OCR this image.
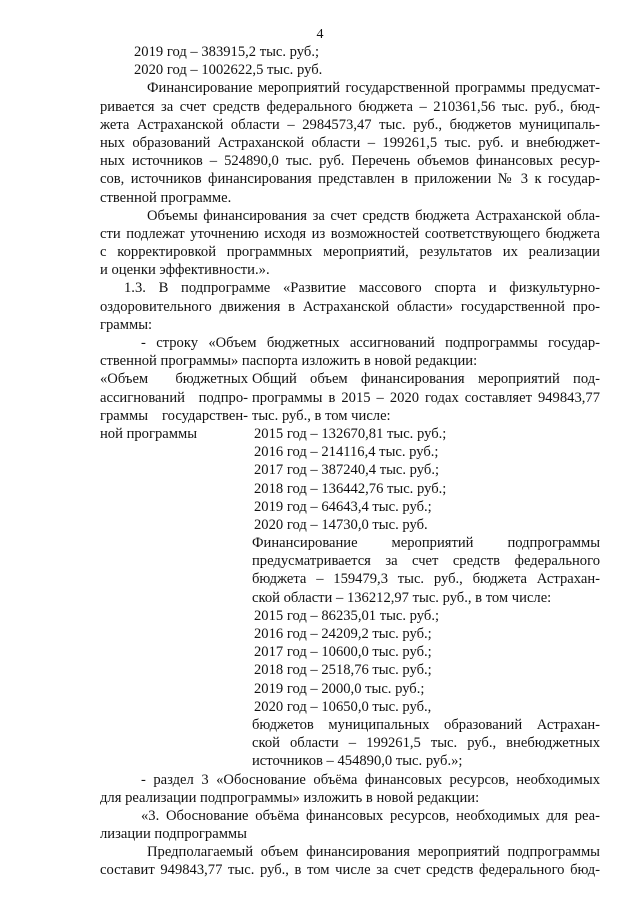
4
2019 год – 383915,2 тыс. руб.;
2020 год – 1002622,5 тыс. руб.
Финансирование мероприятий государственной программы предусмат-
ривается за счет средств федерального бюджета – 210361,56 тыс. руб., бюд-
жета Астраханской области – 2984573,47 тыс. руб., бюджетов муниципаль-
ных образований Астраханской области – 199261,5 тыс. руб. и внебюджет-
ных источников – 524890,0 тыс. руб. Перечень объемов финансовых ресур-
сов, источников финансирования представлен в приложении № 3 к государ-
ственной программе.
Объемы финансирования за счет средств бюджета Астраханской обла-
сти подлежат уточнению исходя из возможностей соответствующего бюджета
с корректировкой программных мероприятий, результатов их реализации
и оценки эффективности.».
1.3. В подпрограмме «Развитие массового спорта и физкультурно-
оздоровительного движения в Астраханской области» государственной про-
граммы:
- строку «Объем бюджетных ассигнований подпрограммы государ-
ственной программы» паспорта изложить в новой редакции:
«Объем бюджетных
ассигнований подпро-
граммы государствен-
ной программы
Общий объем финансирования мероприятий под-
программы в 2015 – 2020 годах составляет 949843,77
тыс. руб., в том числе:
2015 год – 132670,81 тыс. руб.;
2016 год – 214116,4 тыс. руб.;
2017 год – 387240,4 тыс. руб.;
2018 год – 136442,76 тыс. руб.;
2019 год – 64643,4 тыс. руб.;
2020 год – 14730,0 тыс. руб.
Финансирование мероприятий подпрограммы
предусматривается за счет средств федерального
бюджета – 159479,3 тыс. руб., бюджета Астрахан-
ской области – 136212,97 тыс. руб., в том числе:
2015 год – 86235,01 тыс. руб.;
2016 год – 24209,2 тыс. руб.;
2017 год – 10600,0 тыс. руб.;
2018 год – 2518,76 тыс. руб.;
2019 год – 2000,0 тыс. руб.;
2020 год – 10650,0 тыс. руб.,
бюджетов муниципальных образований Астрахан-
ской области – 199261,5 тыс. руб., внебюджетных
источников – 454890,0 тыс. руб.»;
- раздел 3 «Обоснование объёма финансовых ресурсов, необходимых
для реализации подпрограммы» изложить в новой редакции:
«3. Обоснование объёма финансовых ресурсов, необходимых для реа-
лизации подпрограммы
Предполагаемый объем финансирования мероприятий подпрограммы
составит 949843,77 тыс. руб., в том числе за счет средств федерального бюд-
